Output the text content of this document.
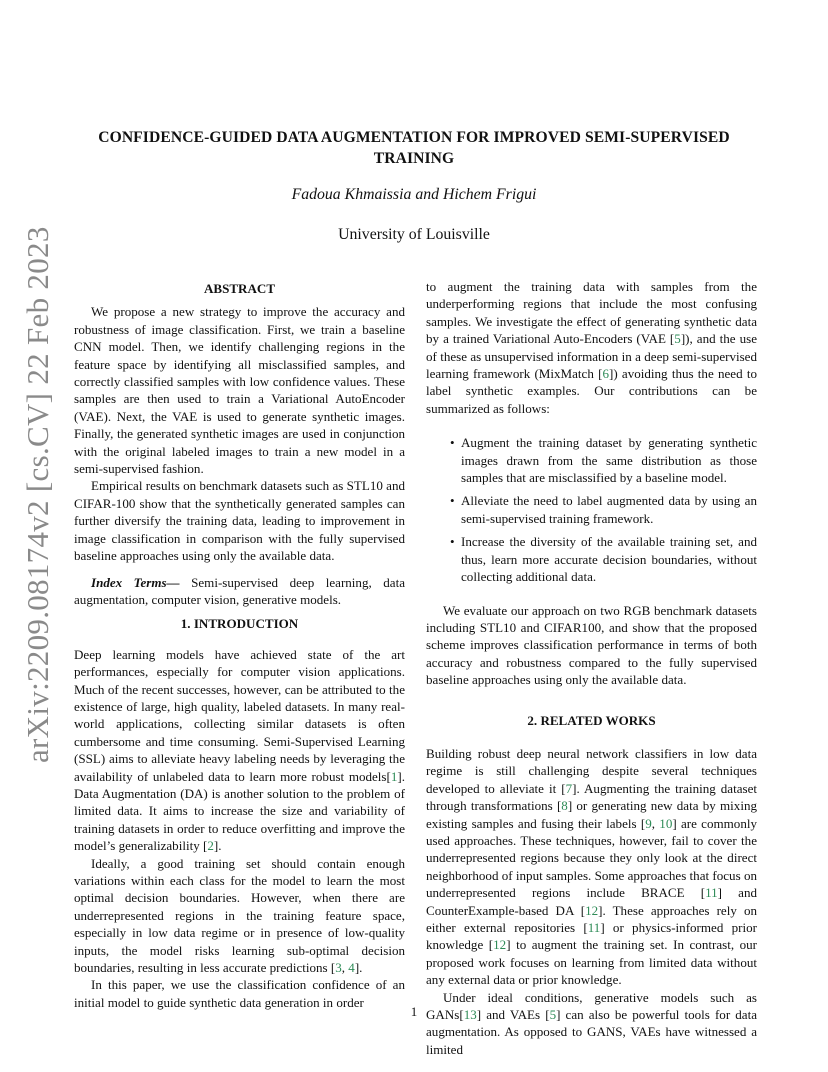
CONFIDENCE-GUIDED DATA AUGMENTATION FOR IMPROVED SEMI-SUPERVISED
TRAINING
Fadoua Khmaissia and Hichem Frigui
University of Louisville
arXiv:2209.08174v2 [cs.CV] 22 Feb 2023	ABSTRACT

We propose a new strategy to improve the accuracy and robustness of image classification. First, we train a baseline CNN model. Then, we identify challenging regions in the feature space by identifying all misclassified samples, and correctly classified samples with low confidence values. These samples are then used to train a Variational AutoEncoder (VAE). Next, the VAE is used to generate synthetic images. Finally, the generated synthetic images are used in conjunction with the original labeled images to train a new model in a semi-supervised fashion.

Empirical results on benchmark datasets such as STL10 and CIFAR-100 show that the synthetically generated samples can further diversify the training data, leading to improvement in image classification in comparison with the fully supervised baseline approaches using only the available data.

Index Terms— Semi-supervised deep learning, data augmentation, computer vision, generative models.

1. INTRODUCTION

Deep learning models have achieved state of the art performances, especially for computer vision applications. Much of the recent successes, however, can be attributed to the existence of large, high quality, labeled datasets. In many real-world applications, collecting similar datasets is often cumbersome and time consuming. Semi-Supervised Learning (SSL) aims to alleviate heavy labeling needs by leveraging the availability of unlabeled data to learn more robust models[1]. Data Augmentation (DA) is another solution to the problem of limited data. It aims to increase the size and variability of training datasets in order to reduce overfitting and improve the model’s generalizability [2].

Ideally, a good training set should contain enough variations within each class for the model to learn the most optimal decision boundaries. However, when there are underrepresented regions in the training feature space, especially in low data regime or in presence of low-quality inputs, the model risks learning sub-optimal decision boundaries, resulting in less accurate predictions [3, 4].

In this paper, we use the classification confidence of an initial model to guide synthetic data generation in order

to augment the training data with samples from the underperforming regions that include the most confusing samples. We investigate the effect of generating synthetic data by a trained Variational Auto-Encoders (VAE [5]), and the use of these as unsupervised information in a deep semi-supervised learning framework (MixMatch [6]) avoiding thus the need to label synthetic examples. Our contributions can be summarized as follows:

• Augment the training dataset by generating synthetic images drawn from the same distribution as those samples that are misclassified by a baseline model.
• Alleviate the need to label augmented data by using an semi-supervised training framework.
• Increase the diversity of the available training set, and thus, learn more accurate decision boundaries, without collecting additional data.

We evaluate our approach on two RGB benchmark datasets including STL10 and CIFAR100, and show that the proposed scheme improves classification performance in terms of both accuracy and robustness compared to the fully supervised baseline approaches using only the available data.

2. RELATED WORKS

Building robust deep neural network classifiers in low data regime is still challenging despite several techniques developed to alleviate it [7]. Augmenting the training dataset through transformations [8] or generating new data by mixing existing samples and fusing their labels [9, 10] are commonly used approaches. These techniques, however, fail to cover the underrepresented regions because they only look at the direct neighborhood of input samples. Some approaches that focus on underrepresented regions include BRACE [11] and CounterExample-based DA [12]. These approaches rely on either external repositories [11] or physics-informed prior knowledge [12] to augment the training set. In contrast, our proposed work focuses on learning from limited data without any external data or prior knowledge.

Under ideal conditions, generative models such as GANs[13] and VAEs [5] can also be powerful tools for data augmentation. As opposed to GANS, VAEs have witnessed a limited

1
